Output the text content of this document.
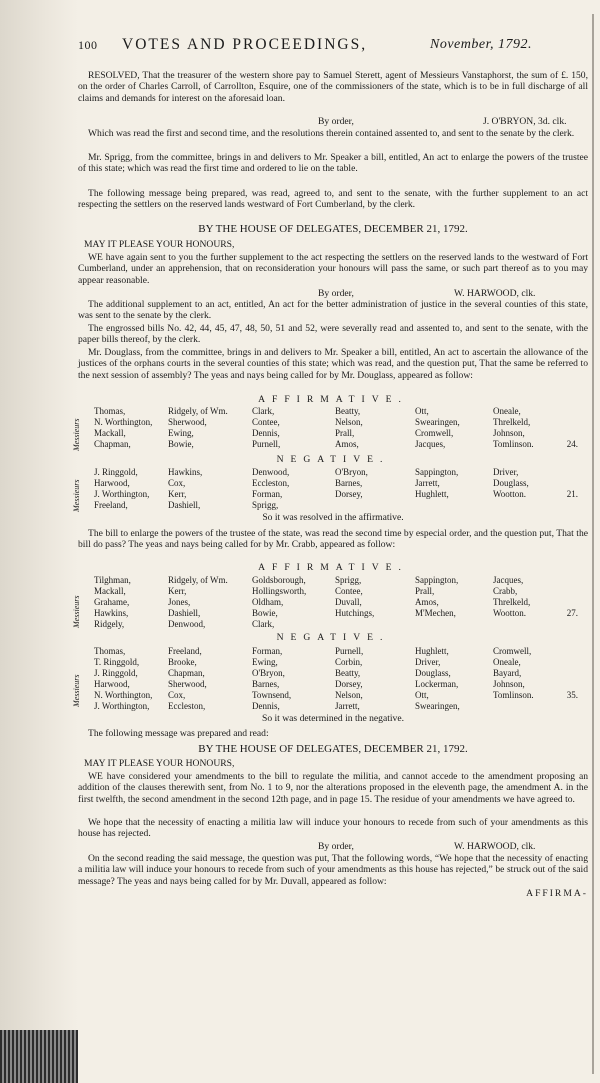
100 VOTES AND PROCEEDINGS,	November, 1792.

RESOLVED, That the treasurer of the western shore pay to Samuel Sterett, agent of Messieurs Vanstaphorst, the sum of £. 150, on the order of Charles Carroll, of Carrollton, Esquire, one of the commissioners of the state, which is to be in full discharge of all claims and demands for interest on the aforesaid loan.

By order,	J. O'BRYON, 3d. clk.

Which was read the first and second time, and the resolutions therein contained assented to, and sent to the senate by the clerk.

Mr. Sprigg, from the committee, brings in and delivers to Mr. Speaker a bill, entitled, An act to enlarge the powers of the trustee of this state; which was read the first time and ordered to lie on the table.

The following message being prepared, was read, agreed to, and sent to the senate, with the further supplement to an act respecting the settlers on the reserved lands westward of Fort Cumberland, by the clerk.

BY THE HOUSE OF DELEGATES, DECEMBER 21, 1792.
MAY IT PLEASE YOUR HONOURS,

WE have again sent to you the further supplement to the act respecting the settlers on the reserved lands to the westward of Fort Cumberland, under an apprehension, that on reconsideration your honours will pass the same, or such part thereof as to you may appear reasonable.

By order,	W. HARWOOD, clk.

The additional supplement to an act, entitled, An act for the better administration of justice in the several counties of this state, was sent to the senate by the clerk.

The engrossed bills No. 42, 44, 45, 47, 48, 50, 51 and 52, were severally read and assented to, and sent to the senate, with the paper bills thereof, by the clerk.

Mr. Douglass, from the committee, brings in and delivers to Mr. Speaker a bill, entitled, An act to ascertain the allowance of the justices of the orphans courts in the several counties of this state; which was read, and the question put, That the same be referred to the next session of assembly? The yeas and nays being called for by Mr. Douglass, appeared as follow:

AFFIRMATIVE.
Thomas,	Ridgely, of Wm.	Clark,	Beatty,	Ott,	Oneale,
N. Worthington, Sherwood,	Contee,	Nelson,	Swearingen,	Threlkeld,
Mackall,	Ewing,	Dennis,	Prall,	Cromwell,	Johnson,
Chapman,	Bowie,	Purnell,	Amos,	Jacques,	Tomlinson.	24.
Messieurs
NEGATIVE.
J. Ringgold,	Hawkins,	Denwood,	O'Bryon,	Sappington,	Driver,
Harwood,	Cox,	Eccleston,	Barnes,	Jarrett,	Douglass,
J. Worthington, Kerr,	Forman,	Dorsey,	Hughlett,	Wootton.
Freeland,	Dashiell,	Sprigg,
21.
Messieurs
So it was resolved in the affirmative.

The bill to enlarge the powers of the trustee of the state, was read the second time by especial order, and the question put, That the bill do pass? The yeas and nays being called for by Mr. Crabb, appeared as follow:

AFFIRMATIVE.
Tilghman,	Ridgely, of Wm.	Goldsborough,	Sprigg,	Sappington,	Jacques,
Mackall,	Kerr,	Hollingsworth,	Contee,	Prall,	Crabb,
Grahame,	Jones,	Oldham,	Duvall,	Amos,	Threlkeld,
Hawkins,	Dashiell,	Bowie,	Hutchings,	M'Mechen,	Wootton.
Ridgely,	Denwood,	Clark,
27.
Messieurs
NEGATIVE.
Thomas,	Freeland,	Forman,	Purnell,	Hughlett,	Cromwell,
T. Ringgold,	Brooke,	Ewing,	Corbin,	Driver,	Oneale,
J. Ringgold,	Chapman,	O'Bryon,	Beatty,	Douglass,	Bayard,
Harwood,	Sherwood,	Barnes,	Dorsey,	Lockerman,	Johnson,
N. Worthington, Cox,	Townsend,	Nelson,	Ott,	Tomlinson.
J. Worthington, Eccleston,	Dennis,	Jarrett,	Swearingen,
35.
Messieurs
So it was determined in the negative.

The following message was prepared and read:

BY THE HOUSE OF DELEGATES, DECEMBER 21, 1792.
MAY IT PLEASE YOUR HONOURS,

WE have considered your amendments to the bill to regulate the militia, and cannot accede to the amendment proposing an addition of the clauses therewith sent, from No. 1 to 9, nor the alterations proposed in the eleventh page, the amendment A. in the first twelfth, the second amendment in the second 12th page, and in page 15. The residue of your amendments we have agreed to.

We hope that the necessity of enacting a militia law will induce your honours to recede from such of your amendments as this house has rejected.

By order,	W. HARWOOD, clk.

On the second reading the said message, the question was put, That the following words, “We hope that the necessity of enacting a militia law will induce your honours to recede from such of your amendments as this house has rejected,” be struck out of the said message? The yeas and nays being called for by Mr. Duvall, appeared as follow:

AFFIRMA-
